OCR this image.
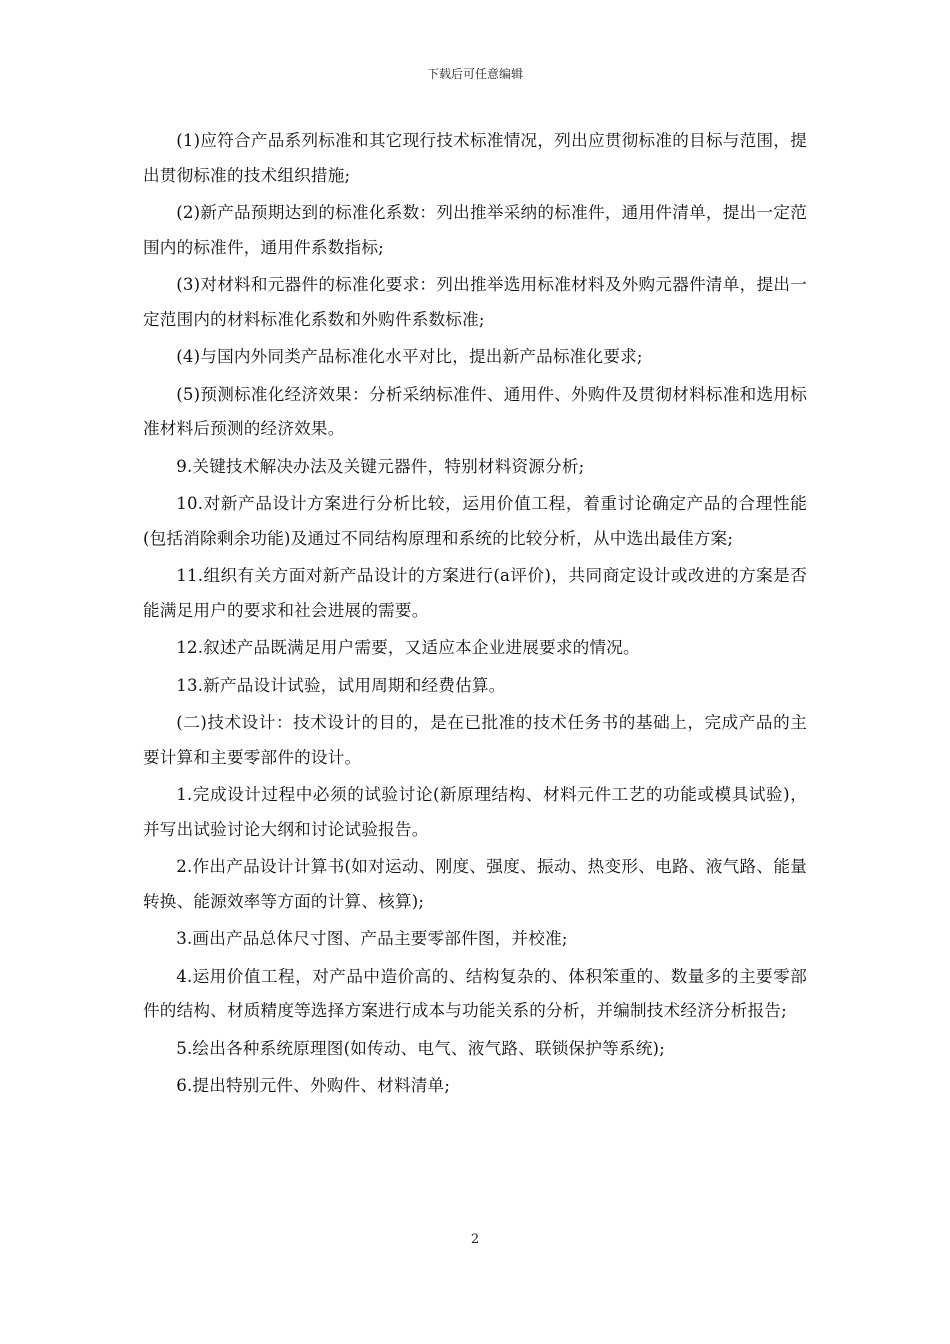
下载后可任意编辑

(1)应符合产品系列标准和其它现行技术标准情况，列出应贯彻标准的目标与范围，提出贯彻标准的技术组织措施;

(2)新产品预期达到的标准化系数：列出推举采纳的标准件，通用件清单，提出一定范围内的标准件，通用件系数指标;

(3)对材料和元器件的标准化要求：列出推举选用标准材料及外购元器件清单，提出一定范围内的材料标准化系数和外购件系数标准;

(4)与国内外同类产品标准化水平对比，提出新产品标准化要求;

(5)预测标准化经济效果：分析采纳标准件、通用件、外购件及贯彻材料标准和选用标准材料后预测的经济效果。

9.关键技术解决办法及关键元器件，特别材料资源分析;

10.对新产品设计方案进行分析比较，运用价值工程，着重讨论确定产品的合理性能(包括消除剩余功能)及通过不同结构原理和系统的比较分析，从中选出最佳方案;

11.组织有关方面对新产品设计的方案进行(a评价)，共同商定设计或改进的方案是否能满足用户的要求和社会进展的需要。

12.叙述产品既满足用户需要，又适应本企业进展要求的情况。

13.新产品设计试验，试用周期和经费估算。

(二)技术设计：技术设计的目的，是在已批准的技术任务书的基础上，完成产品的主要计算和主要零部件的设计。

1.完成设计过程中必须的试验讨论(新原理结构、材料元件工艺的功能或模具试验)，并写出试验讨论大纲和讨论试验报告。

2.作出产品设计计算书(如对运动、刚度、强度、振动、热变形、电路、液气路、能量转换、能源效率等方面的计算、核算);

3.画出产品总体尺寸图、产品主要零部件图，并校准;

4.运用价值工程，对产品中造价高的、结构复杂的、体积笨重的、数量多的主要零部件的结构、材质精度等选择方案进行成本与功能关系的分析，并编制技术经济分析报告;

5.绘出各种系统原理图(如传动、电气、液气路、联锁保护等系统);

6.提出特别元件、外购件、材料清单;

2
